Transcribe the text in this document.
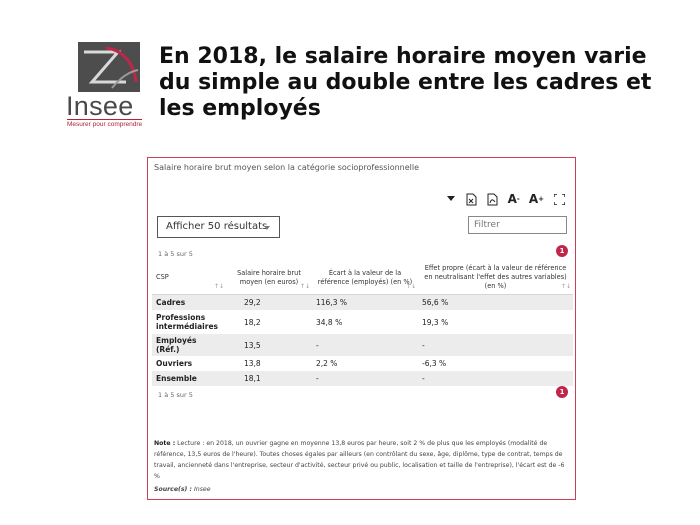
Insee
Mesurer pour comprendre
En 2018, le salaire horaire moyen varie du simple au double entre les cadres et les employés
Salaire horaire brut moyen selon la catégorie socioprofessionnelle
A - A +
Afficher 50 résultats
Filtrer
1 à 5 sur 5	1
CSP
↑↓	Salaire horaire brut moyen (en euros)
↑↓	Écart à la valeur de la référence (employés) (en %)
↑↓	Effet propre (écart à la valeur de référence en neutralisant l'effet des autres variables) (en %) ↑↓

Cadres	29,2	116,3 %	56,6 %
Professions intermédiaires	18,2	34,8 %	19,3 %
Employés (Réf.)	13,5	-	-
Ouvriers	13,8	2,2 %	-6,3 %
Ensemble	18,1	-	-
1 à 5 sur 5	1
Note : Lecture : en 2018, un ouvrier gagne en moyenne 13,8 euros par heure, soit 2 % de plus que les employés (modalité de référence, 13,5 euros de l'heure). Toutes choses égales par ailleurs (en contrôlant du sexe, âge, diplôme, type de contrat, temps de travail, ancienneté dans l'entreprise, secteur d'activité, secteur privé ou public, localisation et taille de l'entreprise), l'écart est de -6 %
Source(s) : Insee
